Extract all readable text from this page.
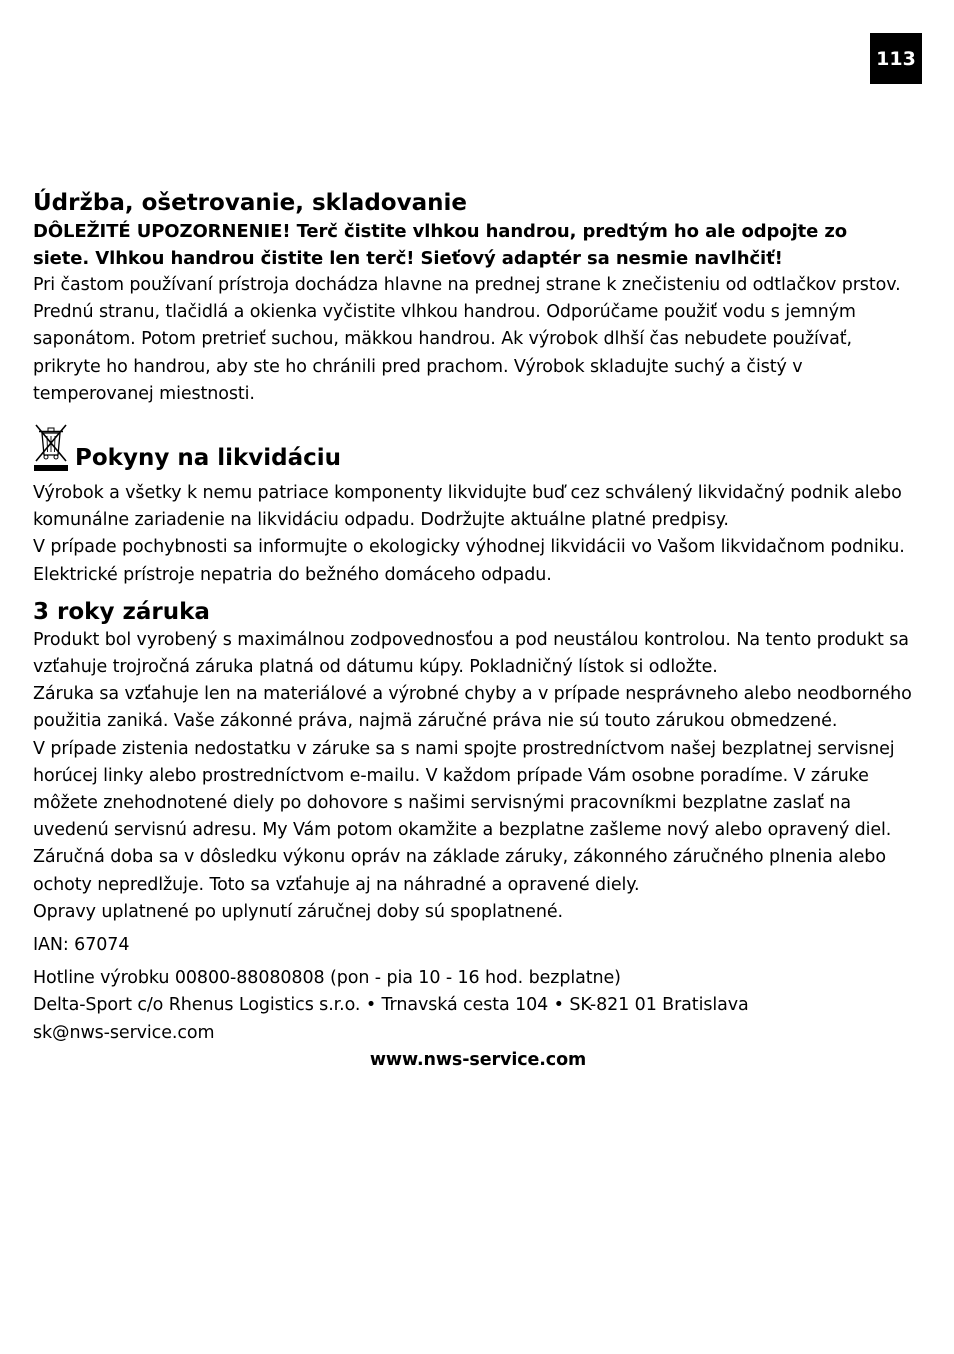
113
Údržba, ošetrovanie, skladovanie

DÔLEŽITÉ UPOZORNENIE! Terč čistite vlhkou handrou, predtým ho ale odpojte zo

siete. Vlhkou handrou čistite len terč! Sieťový adaptér sa nesmie navlhčiť!

Pri častom používaní prístroja dochádza hlavne na prednej strane k znečisteniu od odtlačkov prstov. Prednú stranu, tlačidlá a okienka vyčistite vlhkou handrou. Odporúčame použiť vodu s jemným saponátom. Potom pretrieť suchou, mäkkou handrou. Ak výrobok dlhší čas nebudete používať, prikryte ho handrou, aby ste ho chránili pred prachom. Výrobok skladujte suchý a čistý v temperovanej miestnosti.

Pokyny na likvidáciu

Výrobok a všetky k nemu patriace komponenty likvidujte buď cez schválený likvidačný podnik alebo komunálne zariadenie na likvidáciu odpadu. Dodržujte aktuálne platné predpisy.

V prípade pochybnosti sa informujte o ekologicky výhodnej likvidácii vo Vašom likvidačnom podniku. Elektrické prístroje nepatria do bežného domáceho odpadu.

3 roky záruka

Produkt bol vyrobený s maximálnou zodpovednosťou a pod neustálou kontrolou. Na tento produkt sa vzťahuje trojročná záruka platná od dátumu kúpy. Pokladničný lístok si odložte.

Záruka sa vzťahuje len na materiálové a výrobné chyby a v prípade nesprávneho alebo neodborného použitia zaniká. Vaše zákonné práva, najmä záručné práva nie sú touto zárukou obmedzené.

V prípade zistenia nedostatku v záruke sa s nami spojte prostredníctvom našej bezplatnej servisnej horúcej linky alebo prostredníctvom e-mailu. V každom prípade Vám osobne poradíme. V záruke môžete znehodnotené diely po dohovore s našimi servisnými pracovníkmi bezplatne zaslať na uvedenú servisnú adresu. My Vám potom okamžite a bezplatne zašleme nový alebo opravený diel.

Záručná doba sa v dôsledku výkonu opráv na základe záruky, zákonného záručného plnenia alebo ochoty nepredlžuje. Toto sa vzťahuje aj na náhradné a opravené diely.

Opravy uplatnené po uplynutí záručnej doby sú spoplatnené.

IAN: 67074

Hotline výrobku 00800-88080808 (pon - pia 10 - 16 hod. bezplatne)

Delta-Sport c/o Rhenus Logistics s.r.o. • Trnavská cesta 104 • SK-821 01 Bratislava

sk@nws-service.com

www.nws-service.com
